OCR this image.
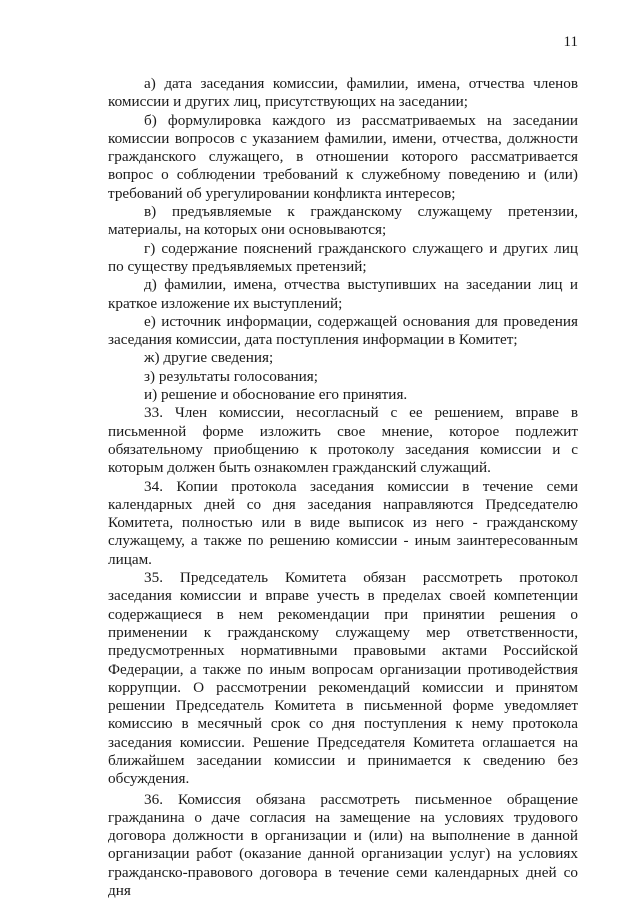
11

а) дата заседания комиссии, фамилии, имена, отчества членов комиссии и других лиц, присутствующих на заседании;

б) формулировка каждого из рассматриваемых на заседании комиссии вопросов с указанием фамилии, имени, отчества, должности гражданского служащего, в отношении которого рассматривается вопрос о соблюдении требований к служебному поведению и (или) требований об урегулировании конфликта интересов;

в) предъявляемые к гражданскому служащему претензии, материалы, на которых они основываются;

г) содержание пояснений гражданского служащего и других лиц по существу предъявляемых претензий;

д) фамилии, имена, отчества выступивших на заседании лиц и краткое изложение их выступлений;

е) источник информации, содержащей основания для проведения заседания комиссии, дата поступления информации в Комитет;

ж) другие сведения;

з) результаты голосования;

и) решение и обоснование его принятия.

33. Член комиссии, несогласный с ее решением, вправе в письменной форме изложить свое мнение, которое подлежит обязательному приобщению к протоколу заседания комиссии и с которым должен быть ознакомлен гражданский служащий.

34. Копии протокола заседания комиссии в течение семи календарных дней со дня заседания направляются Председателю Комитета, полностью или в виде выписок из него - гражданскому служащему, а также по решению комиссии - иным заинтересованным лицам.

35. Председатель Комитета обязан рассмотреть протокол заседания комиссии и вправе учесть в пределах своей компетенции содержащиеся в нем рекомендации при принятии решения о применении к гражданскому служащему мер ответственности, предусмотренных нормативными правовыми актами Российской Федерации, а также по иным вопросам организации противодействия коррупции. О рассмотрении рекомендаций комиссии и принятом решении Председатель Комитета в письменной форме уведомляет комиссию в месячный срок со дня поступления к нему протокола заседания комиссии. Решение Председателя Комитета оглашается на ближайшем заседании комиссии и принимается к сведению без обсуждения.

36. Комиссия обязана рассмотреть письменное обращение гражданина о даче согласия на замещение на условиях трудового договора должности в организации и (или) на выполнение в данной организации работ (оказание данной организации услуг) на условиях гражданско-правового договора в течение семи календарных дней со дня
